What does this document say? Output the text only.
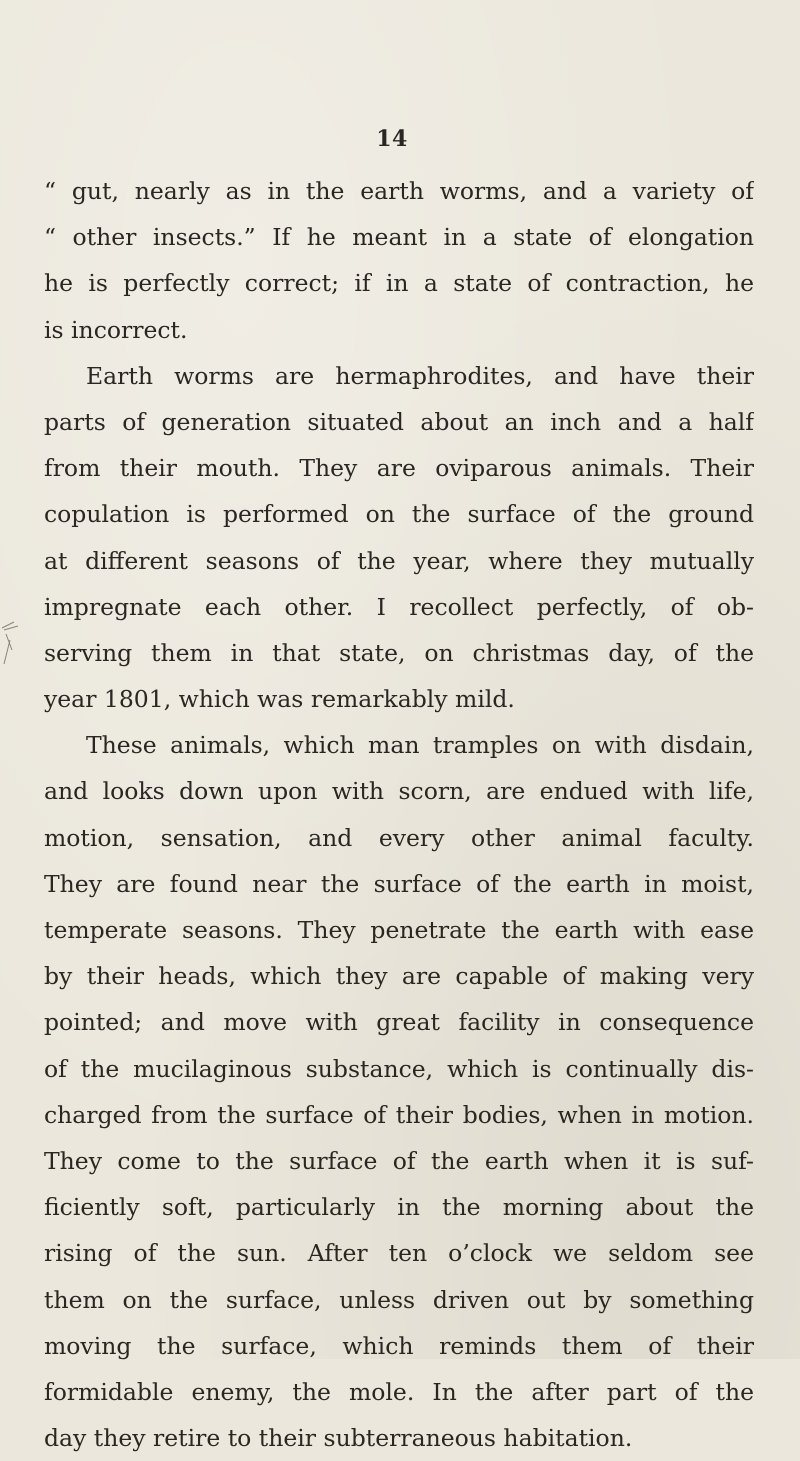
14
“ gut, nearly as in the earth worms, and a variety of
“ other insects.” If he meant in a state of elongation
he is perfectly correct; if in a state of contraction, he
is incorrect.
Earth worms are hermaphrodites, and have their
parts of generation situated about an inch and a half
from their mouth. They are oviparous animals. Their
copulation is performed on the surface of the ground
at different seasons of the year, where they mutually
impregnate each other. I recollect perfectly, of ob-
serving them in that state, on christmas day, of the
year 1801, which was remarkably mild.
These animals, which man tramples on with disdain,
and looks down upon with scorn, are endued with life,
motion, sensation, and every other animal faculty.
They are found near the surface of the earth in moist,
temperate seasons. They penetrate the earth with ease
by their heads, which they are capable of making very
pointed; and move with great facility in consequence
of the mucilaginous substance, which is continually dis-
charged from the surface of their bodies, when in motion.
They come to the surface of the earth when it is suf-
ficiently soft, particularly in the morning about the
rising of the sun. After ten o’clock we seldom see
them on the surface, unless driven out by something
moving the surface, which reminds them of their
formidable enemy, the mole. In the after part of the
day they retire to their subterraneous habitation.
